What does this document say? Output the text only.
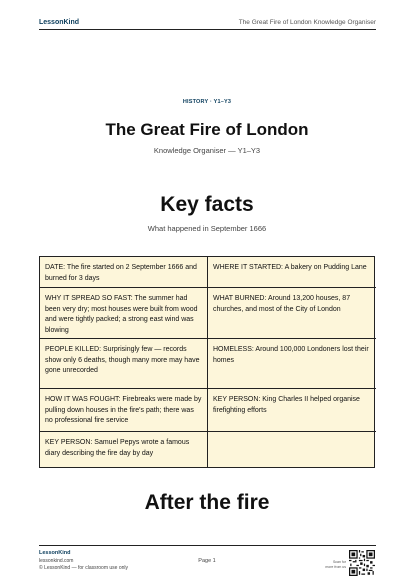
LessonKind	The Great Fire of London Knowledge Organiser
HISTORY · Y1–Y3
The Great Fire of London
Knowledge Organiser — Y1–Y3
Key facts
What happened in September 1666
DATE: The fire started on 2 September 1666 and burned for 3 days
WHERE IT STARTED: A bakery on Pudding Lane
WHY IT SPREAD SO FAST: The summer had been very dry; most houses were built from wood and were tightly packed; a strong east wind was blowing
WHAT BURNED: Around 13,200 houses, 87 churches, and most of the City of London
PEOPLE KILLED: Surprisingly few — records show only 6 deaths, though many more may have gone unrecorded
HOMELESS: Around 100,000 Londoners lost their homes
HOW IT WAS FOUGHT: Firebreaks were made by pulling down houses in the fire's path; there was no professional fire service
KEY PERSON: King Charles II helped organise firefighting efforts
KEY PERSON: Samuel Pepys wrote a famous diary describing the fire day by day
After the fire
LessonKind
lessonkind.com
© LessonKind — for classroom use only
Page 1	Scan for
more from us
